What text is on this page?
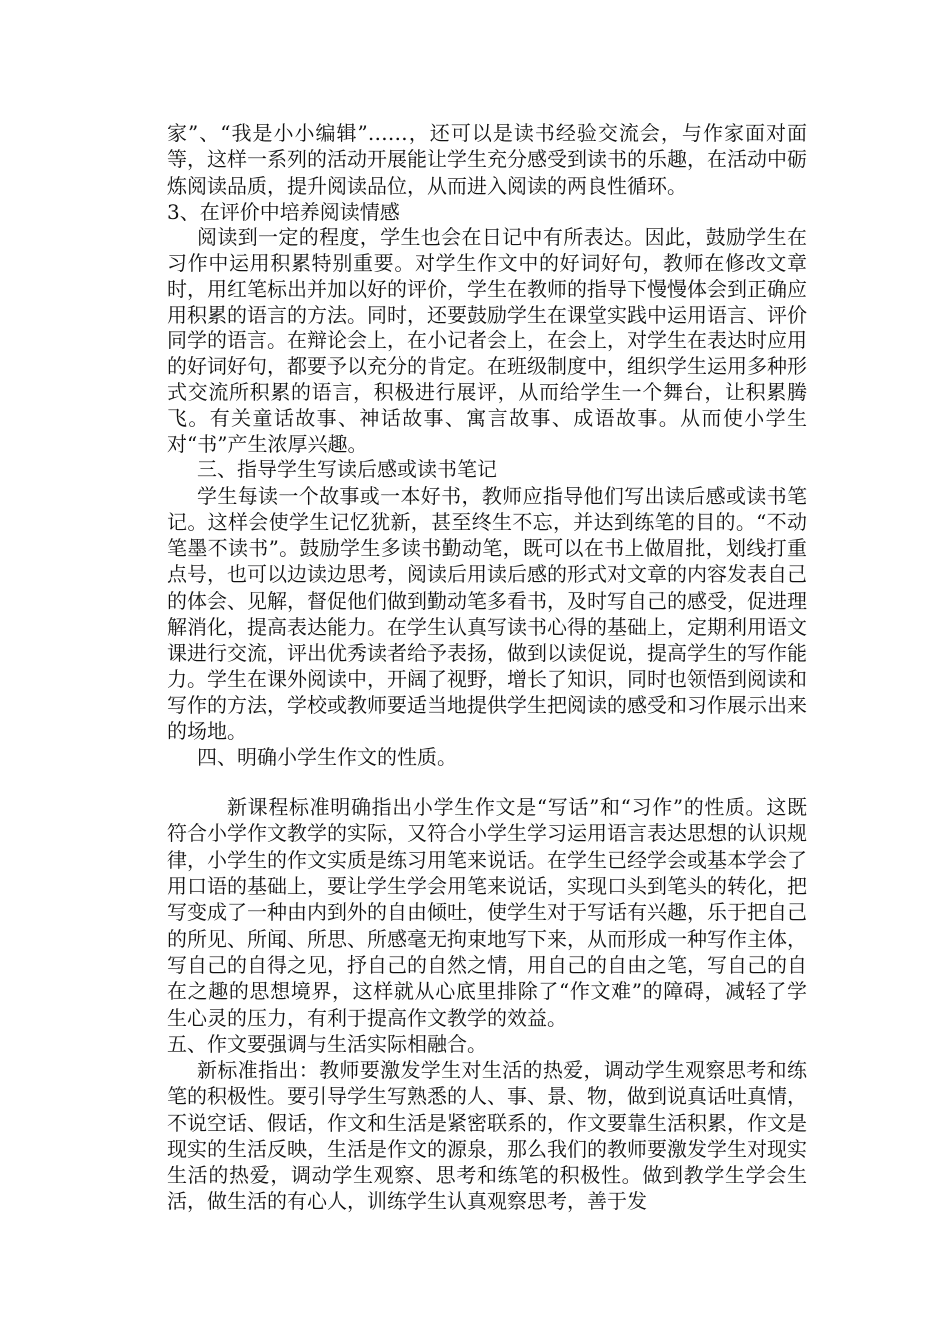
家”、“我是小小编辑”……，还可以是读书经验交流会，与作家面对面等，这样一系列的活动开展能让学生充分感受到读书的乐趣，在活动中砺炼阅读品质，提升阅读品位，从而进入阅读的两良性循环。

3、在评价中培养阅读情感

阅读到一定的程度，学生也会在日记中有所表达。因此，鼓励学生在习作中运用积累特别重要。对学生作文中的好词好句，教师在修改文章时，用红笔标出并加以好的评价，学生在教师的指导下慢慢体会到正确应用积累的语言的方法。同时，还要鼓励学生在课堂实践中运用语言、评价同学的语言。在辩论会上，在小记者会上，在会上，对学生在表达时应用的好词好句，都要予以充分的肯定。在班级制度中，组织学生运用多种形式交流所积累的语言，积极进行展评，从而给学生一个舞台，让积累腾飞。有关童话故事、神话故事、寓言故事、成语故事。从而使小学生对“书”产生浓厚兴趣。

三、指导学生写读后感或读书笔记

学生每读一个故事或一本好书，教师应指导他们写出读后感或读书笔记。这样会使学生记忆犹新，甚至终生不忘，并达到练笔的目的。“不动笔墨不读书”。鼓励学生多读书勤动笔，既可以在书上做眉批，划线打重点号，也可以边读边思考，阅读后用读后感的形式对文章的内容发表自己的体会、见解，督促他们做到勤动笔多看书，及时写自己的感受，促进理解消化，提高表达能力。在学生认真写读书心得的基础上，定期利用语文课进行交流，评出优秀读者给予表扬，做到以读促说，提高学生的写作能力。学生在课外阅读中，开阔了视野，增长了知识，同时也领悟到阅读和写作的方法，学校或教师要适当地提供学生把阅读的感受和习作展示出来的场地。

四、明确小学生作文的性质。

新课程标准明确指出小学生作文是“写话”和“习作”的性质。这既符合小学作文教学的实际，又符合小学生学习运用语言表达思想的认识规律，小学生的作文实质是练习用笔来说话。在学生已经学会或基本学会了用口语的基础上，要让学生学会用笔来说话，实现口头到笔头的转化，把写变成了一种由内到外的自由倾吐，使学生对于写话有兴趣，乐于把自己的所见、所闻、所思、所感毫无拘束地写下来，从而形成一种写作主体，写自己的自得之见，抒自己的自然之情，用自己的自由之笔，写自己的自在之趣的思想境界，这样就从心底里排除了“作文难”的障碍，减轻了学生心灵的压力，有利于提高作文教学的效益。

五、作文要强调与生活实际相融合。

新标准指出：教师要激发学生对生活的热爱，调动学生观察思考和练笔的积极性。要引导学生写熟悉的人、事、景、物，做到说真话吐真情，不说空话、假话，作文和生活是紧密联系的，作文要靠生活积累，作文是现实的生活反映，生活是作文的源泉，那么我们的教师要激发学生对现实生活的热爱，调动学生观察、思考和练笔的积极性。做到教学生学会生活，做生活的有心人，训练学生认真观察思考，善于发
